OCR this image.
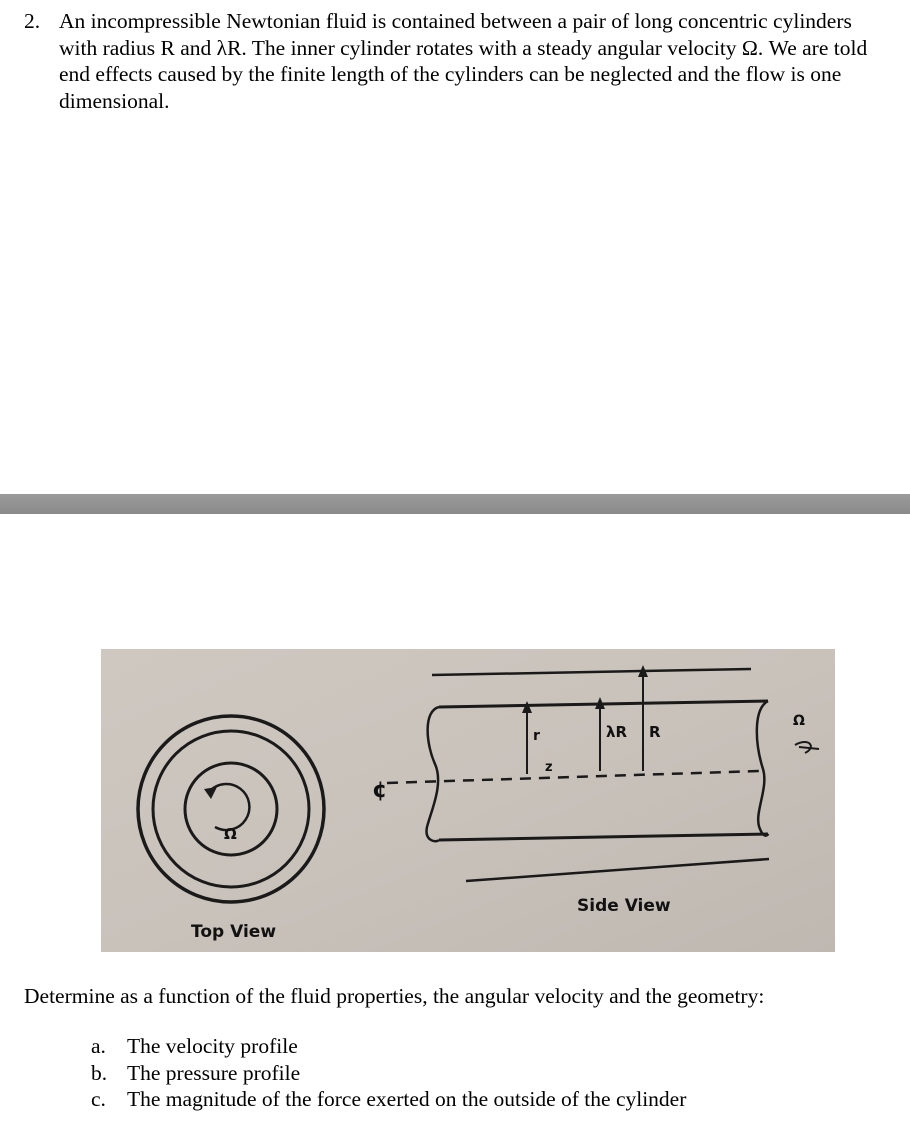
2. An incompressible Newtonian fluid is contained between a pair of long concentric cylinders with radius R and λR. The inner cylinder rotates with a steady angular velocity Ω. We are told end effects caused by the finite length of the cylinders can be neglected and the flow is one dimensional.
Ω
Top View
¢
r
z
λR R
Ω
Side View
Determine as a function of the fluid properties, the angular velocity and the geometry:
a. The velocity profile
b. The pressure profile
c. The magnitude of the force exerted on the outside of the cylinder
